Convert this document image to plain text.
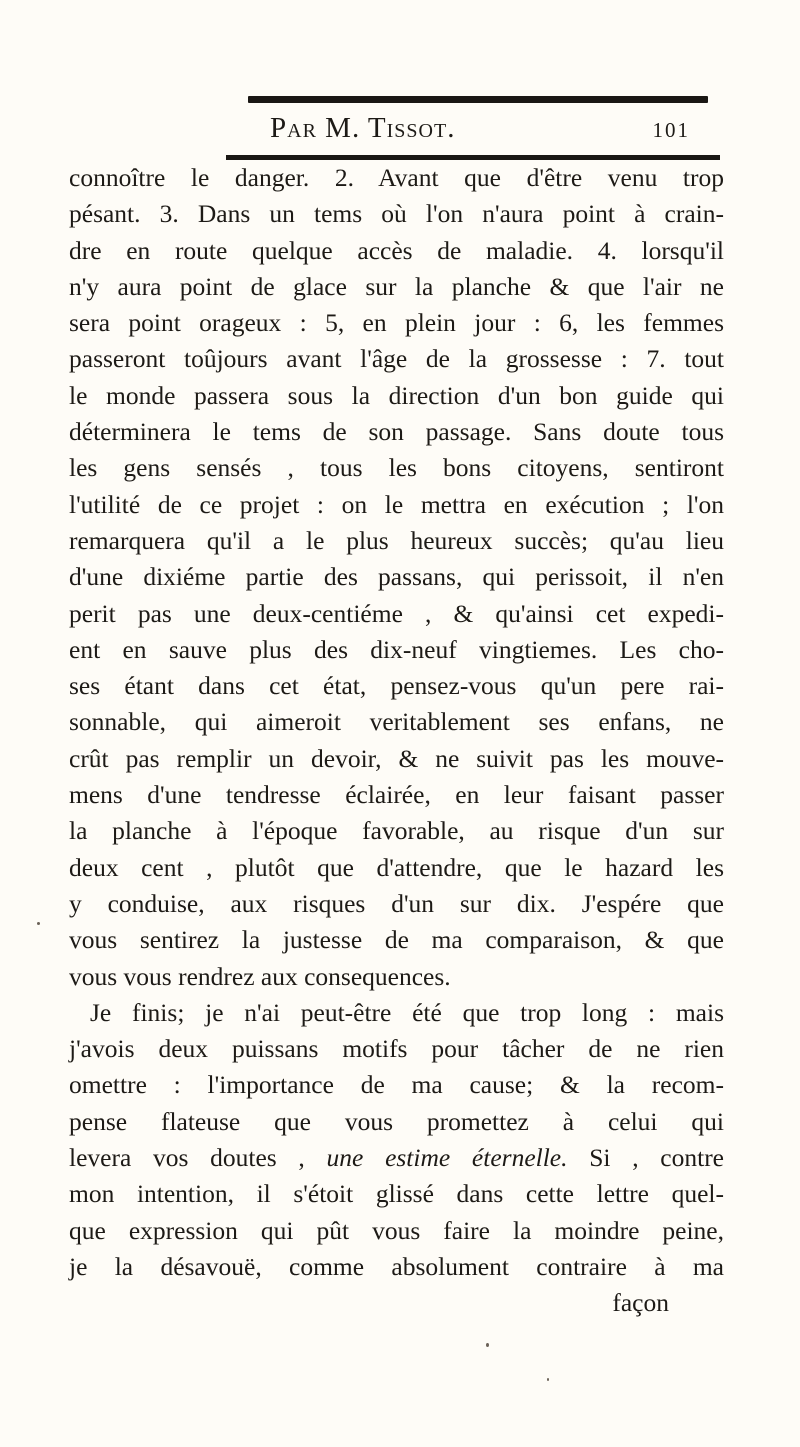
Par M. Tissot.	101
connoître le danger. 2. Avant que d'être venu trop
pésant. 3. Dans un tems où l'on n'aura point à crain-
dre en route quelque accès de maladie. 4. lorsqu'il
n'y aura point de glace sur la planche & que l'air ne
sera point orageux : 5, en plein jour : 6, les femmes
passeront toûjours avant l'âge de la grossesse : 7. tout
le monde passera sous la direction d'un bon guide qui
déterminera le tems de son passage. Sans doute tous
les gens sensés , tous les bons citoyens, sentiront
l'utilité de ce projet : on le mettra en exécution ; l'on
remarquera qu'il a le plus heureux succès; qu'au lieu
d'une dixiéme partie des passans, qui perissoit, il n'en
perit pas une deux-centiéme , & qu'ainsi cet expedi-
ent en sauve plus des dix-neuf vingtiemes. Les cho-
ses étant dans cet état, pensez-vous qu'un pere rai-
sonnable, qui aimeroit veritablement ses enfans, ne
crût pas remplir un devoir, & ne suivit pas les mouve-
mens d'une tendresse éclairée, en leur faisant passer
la planche à l'époque favorable, au risque d'un sur
deux cent , plutôt que d'attendre, que le hazard les
y conduise, aux risques d'un sur dix. J'espére que
vous sentirez la justesse de ma comparaison, & que
vous vous rendrez aux consequences.
Je finis; je n'ai peut-être été que trop long : mais
j'avois deux puissans motifs pour tâcher de ne rien
omettre : l'importance de ma cause; & la recom-
pense flateuse que vous promettez à celui qui
levera vos doutes , une estime éternelle. Si , contre
mon intention, il s'étoit glissé dans cette lettre quel-
que expression qui pût vous faire la moindre peine,
je la désavouë, comme absolument contraire à ma
façon
